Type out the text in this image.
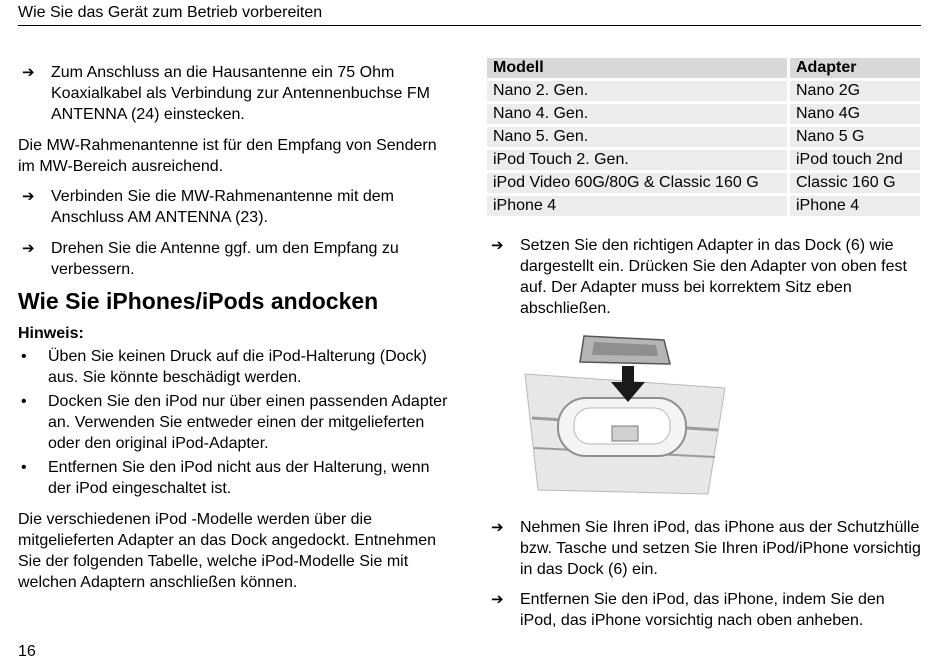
Wie Sie das Gerät zum Betrieb vorbereiten
➔ Zum Anschluss an die Hausantenne ein 75 Ohm Koaxialkabel als Verbindung zur Antennenbuchse FM ANTENNA (24) einstecken.

Die MW-Rahmenantenne ist für den Empfang von Sendern im MW-Bereich ausreichend.

➔ Verbinden Sie die MW-Rahmenantenne mit dem Anschluss AM ANTENNA (23).
➔ Drehen Sie die Antenne ggf. um den Empfang zu verbessern.
Wie Sie iPhones/iPods andocken
Hinweis:
• Üben Sie keinen Druck auf die iPod-Halterung (Dock) aus. Sie könnte beschädigt werden.
• Docken Sie den iPod nur über einen passenden Adapter an. Verwenden Sie entweder einen der mitgelieferten oder den original iPod-Adapter.
• Entfernen Sie den iPod nicht aus der Halterung, wenn der iPod eingeschaltet ist.

Die verschiedenen iPod -Modelle werden über die mitgelieferten Adapter an das Dock angedockt. Entnehmen Sie der folgenden Tabelle, welche iPod-Modelle Sie mit welchen Adaptern anschließen können.

Modell	Adapter
Nano 2. Gen.	Nano 2G
Nano 4. Gen.	Nano 4G
Nano 5. Gen.	Nano 5 G
iPod Touch 2. Gen.	iPod touch 2nd
iPod Video 60G/80G & Classic 160 G	Classic 160 G
iPhone 4	iPhone 4
➔ Setzen Sie den richtigen Adapter in das Dock (6) wie dargestellt ein. Drücken Sie den Adapter von oben fest auf. Der Adapter muss bei korrektem Sitz eben abschließen.
➔ Nehmen Sie Ihren iPod, das iPhone aus der Schutzhülle bzw. Tasche und setzen Sie Ihren iPod/iPhone vorsichtig in das Dock (6) ein.
➔ Entfernen Sie den iPod, das iPhone, indem Sie den iPod, das iPhone vorsichtig nach oben anheben.
16
